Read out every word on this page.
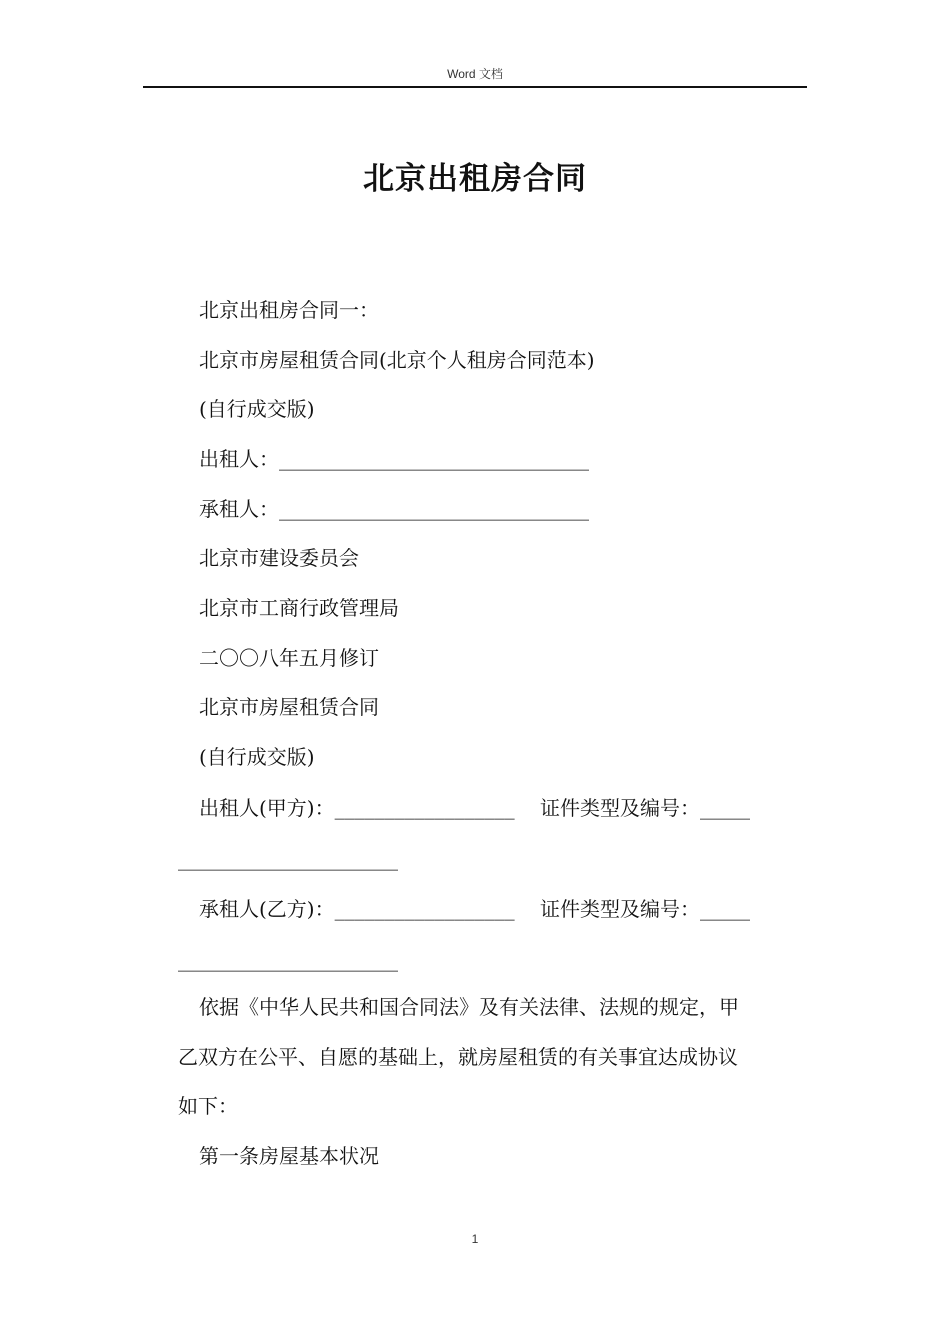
Word 文档
北京出租房合同
北京出租房合同一：
北京市房屋租赁合同(北京个人租房合同范本)
(自行成交版)
出租人：_______________________________
承租人：_______________________________
北京市建设委员会
北京市工商行政管理局
二〇〇八年五月修订
北京市房屋租赁合同
(自行成交版)
出租人(甲方)：__________________    证件类型及编号：_____
______________________
承租人(乙方)：__________________    证件类型及编号：_____
______________________
依据《中华人民共和国合同法》及有关法律、法规的规定，甲
乙双方在公平、自愿的基础上，就房屋租赁的有关事宜达成协议
如下：
第一条房屋基本状况
1
